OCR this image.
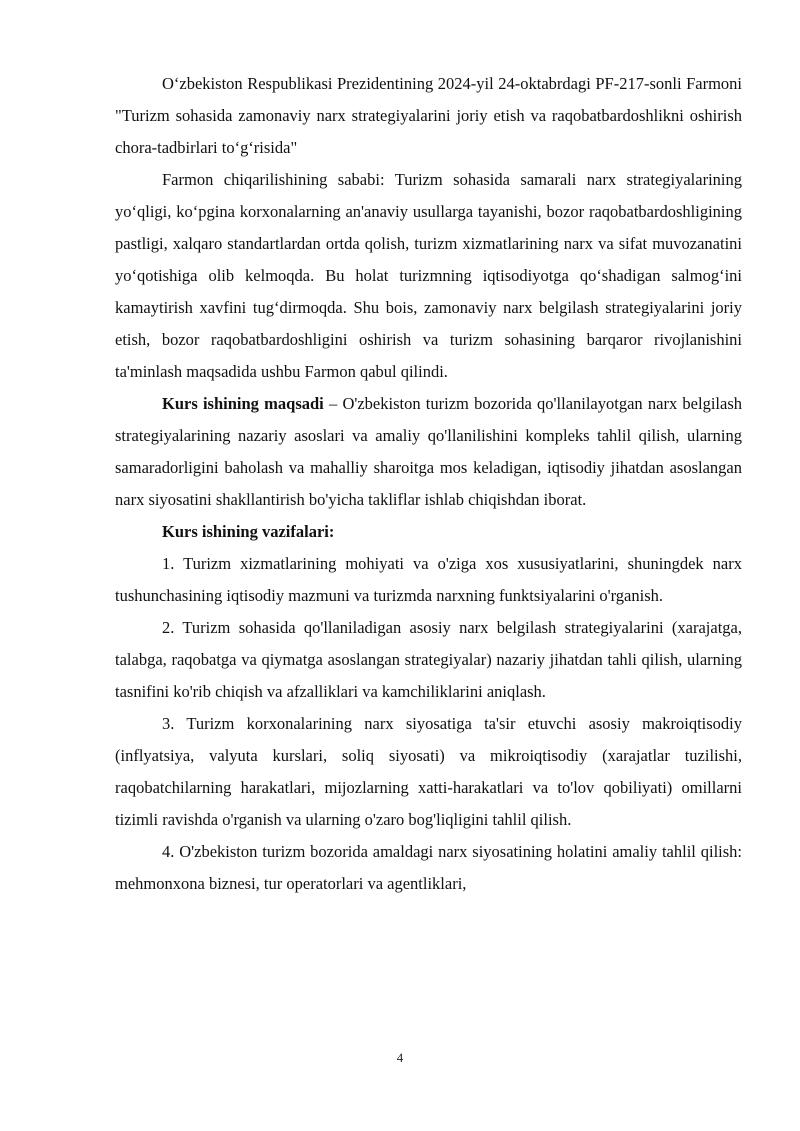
O‘zbekiston Respublikasi Prezidentining 2024-yil 24-oktabrdagi PF-217-sonli Farmoni "Turizm sohasida zamonaviy narx strategiyalarini joriy etish va raqobatbardoshlikni oshirish chora-tadbirlari to‘g‘risida"

Farmon chiqarilishining sababi: Turizm sohasida samarali narx strategiyalarining yo‘qligi, ko‘pgina korxonalarning an'anaviy usullarga tayanishi, bozor raqobatbardoshligining pastligi, xalqaro standartlardan ortda qolish, turizm xizmatlarining narx va sifat muvozanatini yo‘qotishiga olib kelmoqda. Bu holat turizmning iqtisodiyotga qo‘shadigan salmog‘ini kamaytirish xavfini tug‘dirmoqda. Shu bois, zamonaviy narx belgilash strategiyalarini joriy etish, bozor raqobatbardoshligini oshirish va turizm sohasining barqaror rivojlanishini ta'minlash maqsadida ushbu Farmon qabul qilindi.

Kurs ishining maqsadi – O'zbekiston turizm bozorida qo'llanilayotgan narx belgilash strategiyalarining nazariy asoslari va amaliy qo'llanilishini kompleks tahlil qilish, ularning samaradorligini baholash va mahalliy sharoitga mos keladigan, iqtisodiy jihatdan asoslangan narx siyosatini shakllantirish bo'yicha takliflar ishlab chiqishdan iborat.

Kurs ishining vazifalari:

1. Turizm xizmatlarining mohiyati va o'ziga xos xususiyatlarini, shuningdek narx tushunchasining iqtisodiy mazmuni va turizmda narxning funktsiyalarini o'rganish.

2. Turizm sohasida qo'llaniladigan asosiy narx belgilash strategiyalarini (xarajatga, talabga, raqobatga va qiymatga asoslangan strategiyalar) nazariy jihatdan tahli qilish, ularning tasnifini ko'rib chiqish va afzalliklari va kamchiliklarini aniqlash.

3. Turizm korxonalarining narx siyosatiga ta'sir etuvchi asosiy makroiqtisodiy (inflyatsiya, valyuta kurslari, soliq siyosati) va mikroiqtisodiy (xarajatlar tuzilishi, raqobatchilarning harakatlari, mijozlarning xatti-harakatlari va to'lov qobiliyati) omillarni tizimli ravishda o'rganish va ularning o'zaro bog'liqligini tahlil qilish.

4. O'zbekiston turizm bozorida amaldagi narx siyosatining holatini amaliy tahlil qilish: mehmonxona biznesi, tur operatorlari va agentliklari,

4
